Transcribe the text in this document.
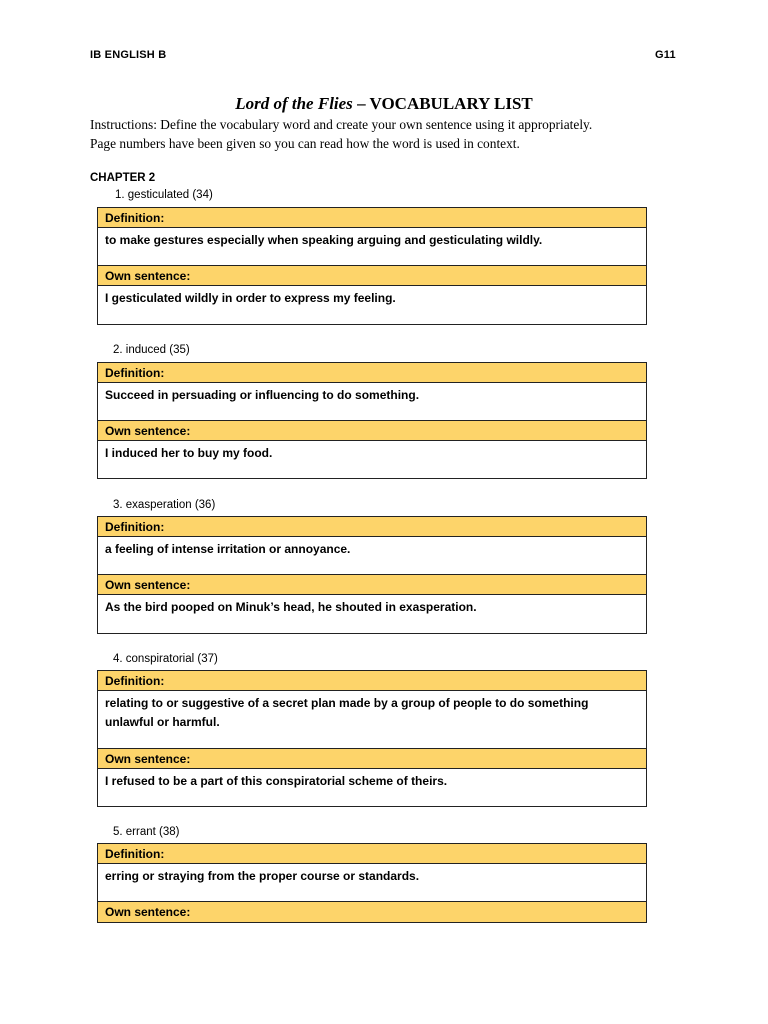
IB ENGLISH B	G11
Lord of the Flies – VOCABULARY LIST
Instructions: Define the vocabulary word and create your own sentence using it appropriately.
Page numbers have been given so you can read how the word is used in context.
CHAPTER 2
1. gesticulated (34)
Definition:
to make gestures especially when speaking arguing and gesticulating wildly.
Own sentence:
I gesticulated wildly in order to express my feeling.
2. induced (35)
Definition:
Succeed in persuading or influencing to do something.
Own sentence:
I induced her to buy my food.
3. exasperation (36)
Definition:
a feeling of intense irritation or annoyance.
Own sentence:
As the bird pooped on Minuk’s head, he shouted in exasperation.
4. conspiratorial (37)
Definition:
relating to or suggestive of a secret plan made by a group of people to do something
unlawful or harmful.
Own sentence:
I refused to be a part of this conspiratorial scheme of theirs.
5. errant (38)
Definition:
erring or straying from the proper course or standards.
Own sentence:
